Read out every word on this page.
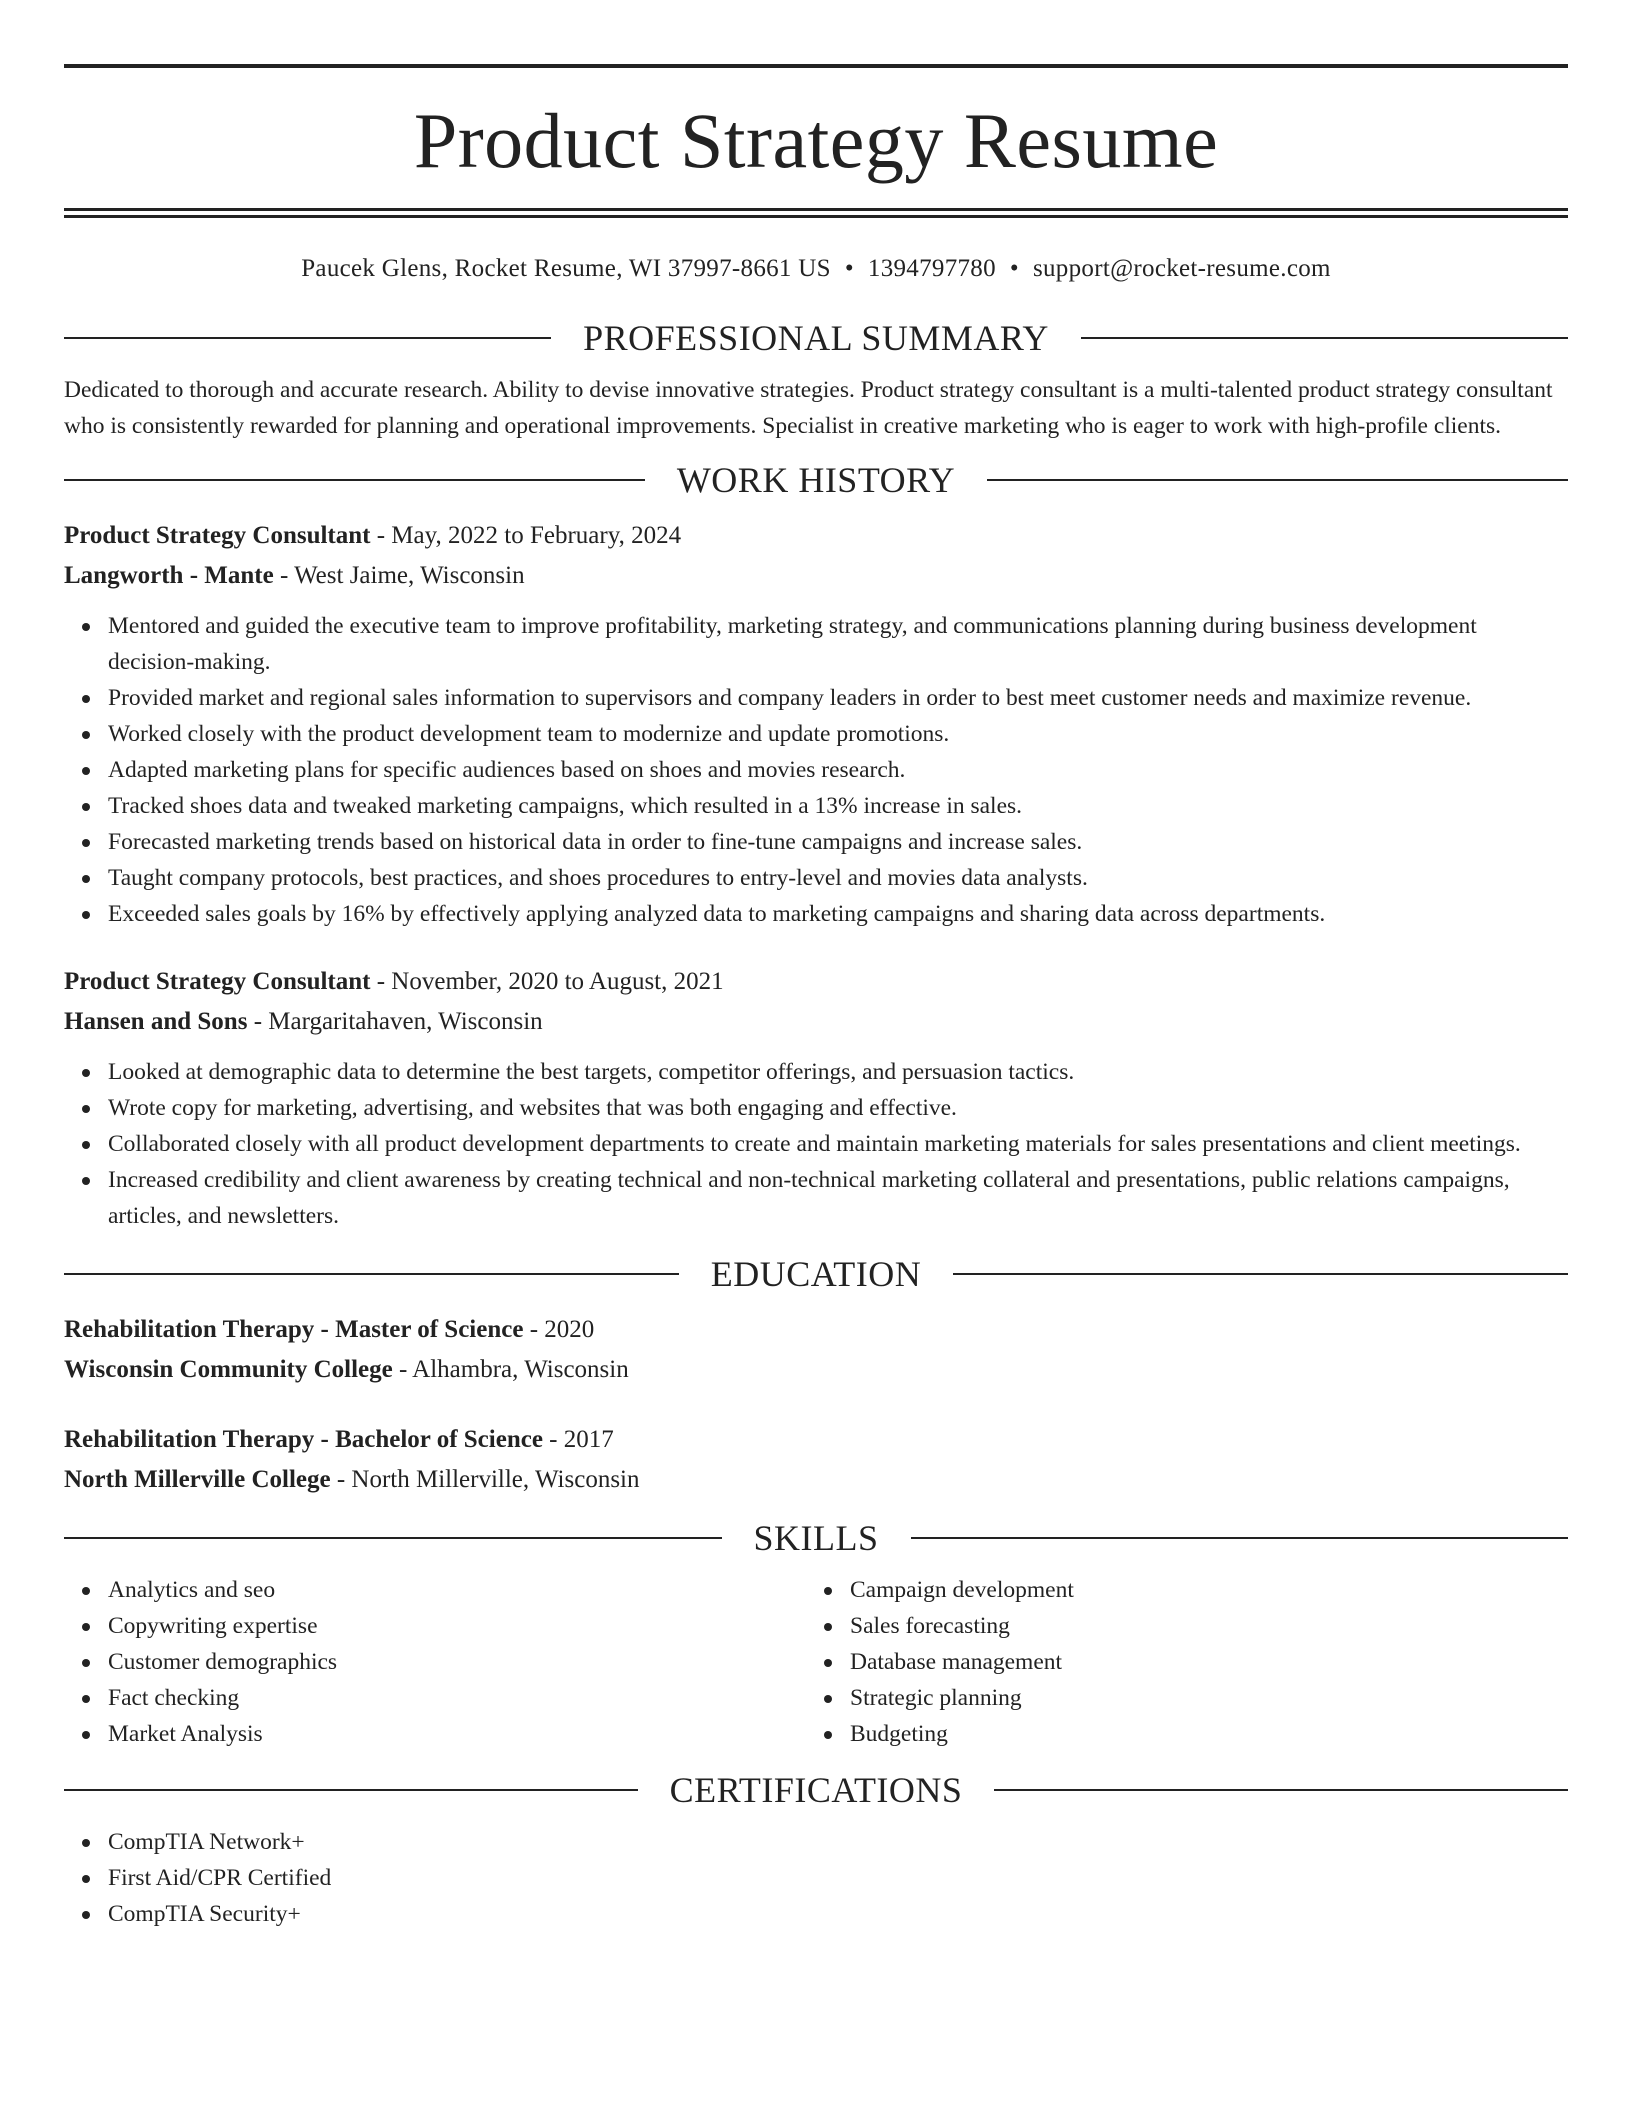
Product Strategy Resume
Paucek Glens, Rocket Resume, WI 37997-8661 US • 1394797780 • support@rocket-resume.com
PROFESSIONAL SUMMARY

Dedicated to thorough and accurate research. Ability to devise innovative strategies. Product strategy consultant is a multi-talented product strategy consultant who is consistently rewarded for planning and operational improvements. Specialist in creative marketing who is eager to work with high-profile clients.

WORK HISTORY
Product Strategy Consultant - May, 2022 to February, 2024
Langworth - Mante - West Jaime, Wisconsin
Mentored and guided the executive team to improve profitability, marketing strategy, and communications planning during business development decision-making.
Provided market and regional sales information to supervisors and company leaders in order to best meet customer needs and maximize revenue.
Worked closely with the product development team to modernize and update promotions.
Adapted marketing plans for specific audiences based on shoes and movies research.
Tracked shoes data and tweaked marketing campaigns, which resulted in a 13% increase in sales.
Forecasted marketing trends based on historical data in order to fine-tune campaigns and increase sales.
Taught company protocols, best practices, and shoes procedures to entry-level and movies data analysts.
Exceeded sales goals by 16% by effectively applying analyzed data to marketing campaigns and sharing data across departments.
Product Strategy Consultant - November, 2020 to August, 2021
Hansen and Sons - Margaritahaven, Wisconsin
Looked at demographic data to determine the best targets, competitor offerings, and persuasion tactics.
Wrote copy for marketing, advertising, and websites that was both engaging and effective.
Collaborated closely with all product development departments to create and maintain marketing materials for sales presentations and client meetings.
Increased credibility and client awareness by creating technical and non-technical marketing collateral and presentations, public relations campaigns, articles, and newsletters.
EDUCATION
Rehabilitation Therapy - Master of Science - 2020
Wisconsin Community College - Alhambra, Wisconsin
Rehabilitation Therapy - Bachelor of Science - 2017
North Millerville College - North Millerville, Wisconsin
SKILLS
Analytics and seo
Copywriting expertise
Customer demographics
Fact checking
Market Analysis
Campaign development
Sales forecasting
Database management
Strategic planning
Budgeting
CERTIFICATIONS
CompTIA Network+
First Aid/CPR Certified
CompTIA Security+
